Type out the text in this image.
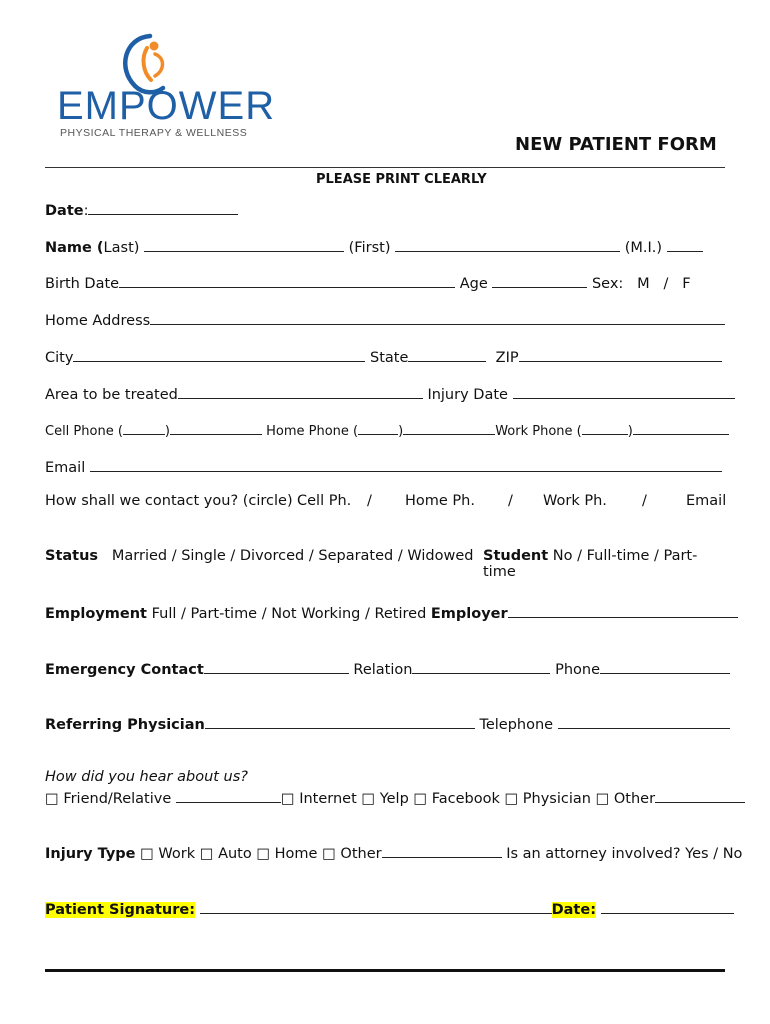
EMPOWER
PHYSICAL THERAPY & WELLNESS
NEW PATIENT FORM
PLEASE PRINT CLEARLY
Date:
Name (Last)	(First)	(M.I.)
Birth Date	Age	Sex: M / F
Home Address
City	State	ZIP
Area to be treated	Injury Date
Cell Phone (	)	Home Phone (	)	Work Phone (	)
Email
How shall we contact you? (circle) Cell Ph. / Home Ph. / Work Ph. /	Email
Status Married / Single / Divorced / Separated / Widowed Student No / Full-time / Part-time
Employment Full / Part-time / Not Working / Retired Employer
Emergency Contact	Relation	Phone
Referring Physician	Telephone
How did you hear about us?
□ Friend/Relative	□ Internet □ Yelp □ Facebook □ Physician □ Other
Injury Type □ Work □ Auto □ Home □ Other	Is an attorney involved? Yes / No
Patient Signature:	Date:
